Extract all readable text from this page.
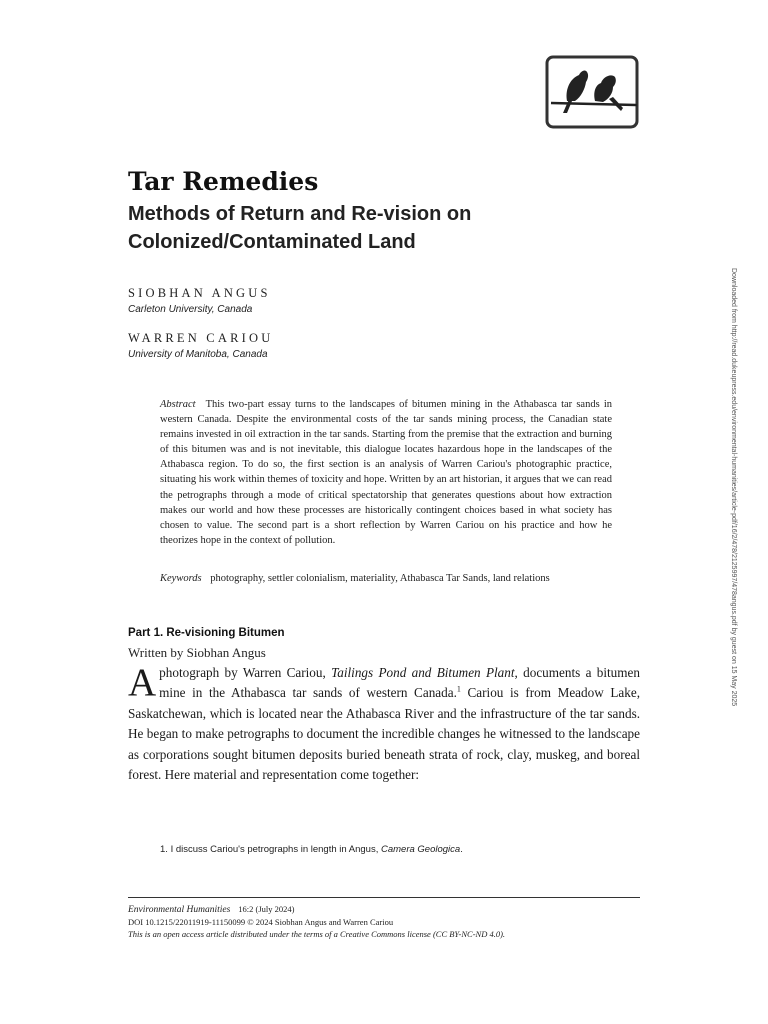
Tar Remedies
Methods of Return and Re-vision on Colonized/Contaminated Land

SIOBHAN ANGUS

Carleton University, Canada

WARREN CARIOU

University of Manitoba, Canada

Abstract This two-part essay turns to the landscapes of bitumen mining in the Athabasca tar sands in western Canada. Despite the environmental costs of the tar sands mining process, the Canadian state remains invested in oil extraction in the tar sands. Starting from the premise that the extraction and burning of this bitumen was and is not inevitable, this dialogue locates hazardous hope in the landscapes of the Athabasca region. To do so, the first section is an analysis of Warren Cariou's photographic practice, situating his work within themes of toxicity and hope. Written by an art historian, it argues that we can read the petrographs through a mode of critical spectatorship that generates questions about how extraction makes our world and how these processes are historically contingent choices based in what society has chosen to value. The second part is a short reflection by Warren Cariou on his practice and how he theorizes hope in the context of pollution.

Keywords photography, settler colonialism, materiality, Athabasca Tar Sands, land relations

Part 1. Re-visioning Bitumen

Written by Siobhan Angus

A photograph by Warren Cariou, Tailings Pond and Bitumen Plant, documents a bitumen mine in the Athabasca tar sands of western Canada.$^1$ Cariou is from Meadow Lake, Saskatchewan, which is located near the Athabasca River and the infrastructure of the tar sands. He began to make petrographs to document the incredible changes he witnessed to the landscape as corporations sought bitumen deposits buried beneath strata of rock, clay, muskeg, and boreal forest. Here material and representation come together:

1. I discuss Cariou's petrographs in length in Angus, Camera Geologica.

Environmental Humanities 16:2 (July 2024)
DOI 10.1215/22011919-11150099 © 2024 Siobhan Angus and Warren Cariou
This is an open access article distributed under the terms of a Creative Commons license (CC BY-NC-ND 4.0).
Downloaded from http://read.dukeupress.edu/environmental-humanities/article-pdf/16/2/478/2125997/478angus.pdf by guest on 15 May 2025
